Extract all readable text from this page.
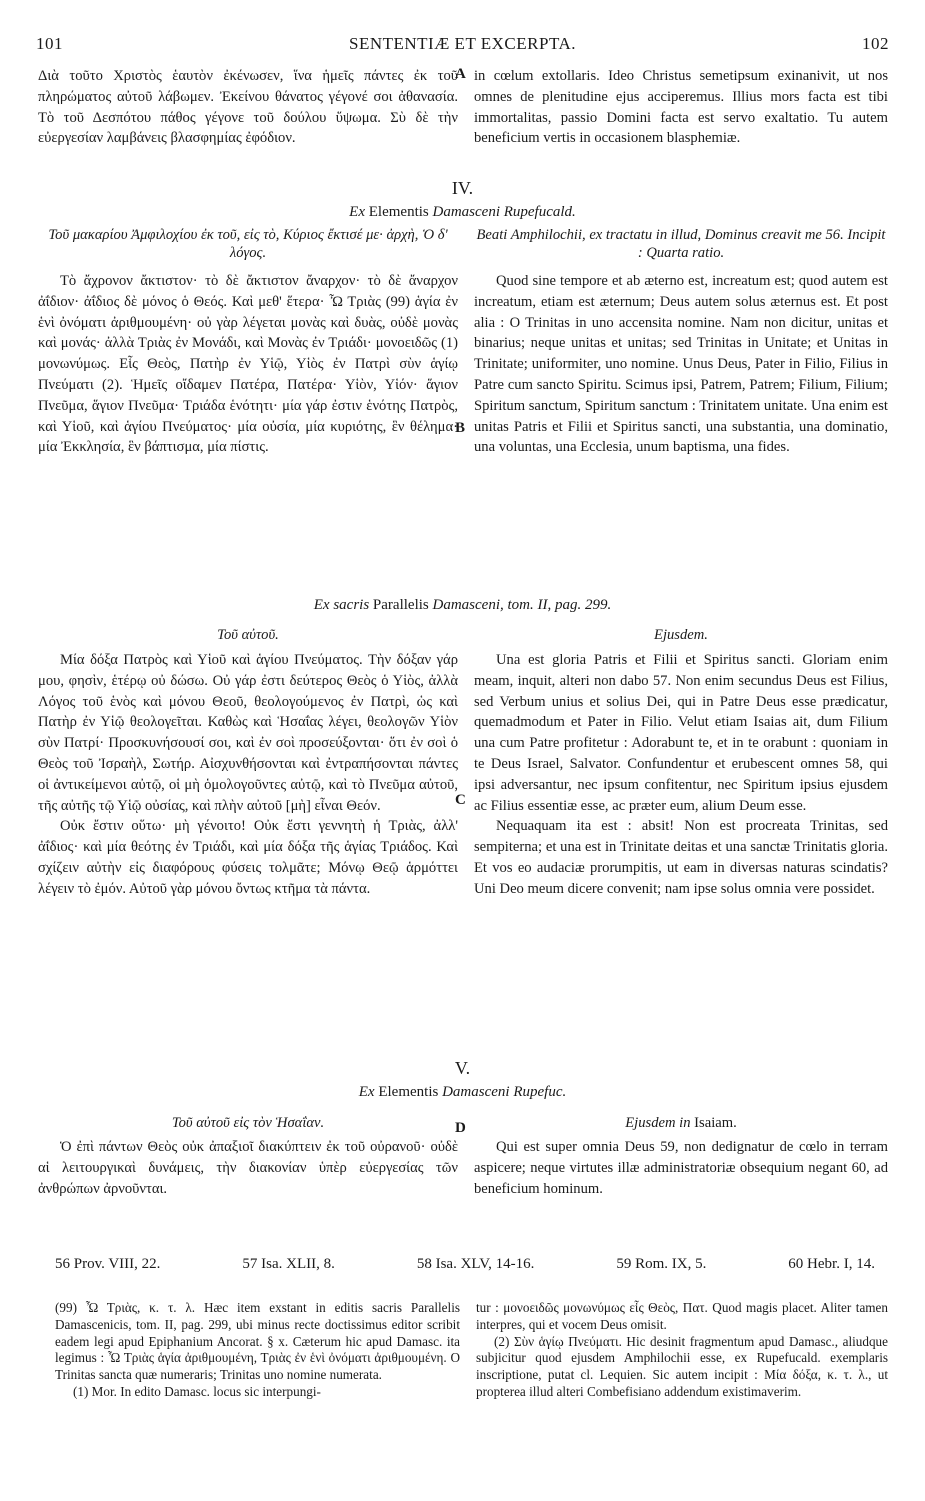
101	SENTENTIÆ ET EXCERPTA.	102

Διὰ τοῦτο Χριστὸς ἑαυτὸν ἐκένωσεν, ἵνα ἡμεῖς πάντες ἐκ τοῦ πληρώματος αὐτοῦ λάβωμεν. Ἐκείνου θάνατος γέγονέ σοι ἀθανασία. Τὸ τοῦ Δεσπότου πάθος γέγονε τοῦ δούλου ὕψωμα. Σὺ δὲ τὴν εὐεργεσίαν λαμβάνεις βλασφημίας ἐφόδιον.

A in cœlum extollaris. Ideo Christus semetipsum exinanivit, ut nos omnes de plenitudine ejus acciperemus. Illius mors facta est tibi immortalitas, passio Domini facta est servo exaltatio. Tu autem beneficium vertis in occasionem blasphemiæ.

IV.
Ex Elementis Damasceni Rupefucald.
Τοῦ μακαρίου Ἀμφιλοχίου ἐκ τοῦ, εἰς τὸ, Κύριος ἔκτισέ με· ἀρχὴ, Ὁ δ' λόγος.
Beati Amphilochii, ex tractatu in illud, Dominus creavit me 56. Incipit : Quarta ratio.

Τὸ ἄχρονον ἄκτιστον· τὸ δὲ ἄκτιστον ἄναρχον· τὸ δὲ ἄναρχον ἀΐδιον· ἀΐδιος δὲ μόνος ὁ Θεός. Καὶ μεθ' ἕτερα· Ὦ Τριὰς (99) ἁγία ἐν ἑνὶ ὀνόματι ἀριθμουμένη· οὐ γὰρ λέγεται μονὰς καὶ δυὰς, οὐδὲ μονὰς καὶ μονάς· ἀλλὰ Τριὰς ἐν Μονάδι, καὶ Μονὰς ἐν Τριάδι· μονοειδῶς (1) μονωνύμως. Εἷς Θεὸς, Πατὴρ ἐν Υἱῷ, Υἱὸς ἐν Πατρὶ σὺν ἁγίῳ Πνεύματι (2). Ἡμεῖς οἴδαμεν Πατέρα, Πατέρα· Υἱὸν, Υἱόν· ἅγιον Πνεῦμα, ἅγιον Πνεῦμα· Τριάδα ἑνότητι· μία γάρ ἐστιν ἑνότης Πατρὸς, καὶ Υἱοῦ, καὶ ἁγίου Πνεύματος· μία οὐσία, μία κυριότης, ἓν θέλημα· μία Ἐκκλησία, ἓν βάπτισμα, μία πίστις.

B

Quod sine tempore et ab æterno est, increatum est; quod autem est increatum, etiam est æternum; Deus autem solus æternus est. Et post alia : O Trinitas in uno accensita nomine. Nam non dicitur, unitas et binarius; neque unitas et unitas; sed Trinitas in Unitate; et Unitas in Trinitate; uniformiter, uno nomine. Unus Deus, Pater in Filio, Filius in Patre cum sancto Spiritu. Scimus ipsi, Patrem, Patrem; Filium, Filium; Spiritum sanctum, Spiritum sanctum : Trinitatem unitate. Una enim est unitas Patris et Filii et Spiritus sancti, una substantia, una dominatio, una voluntas, una Ecclesia, unum baptisma, una fides.

Ex sacris Parallelis Damasceni, tom. II, pag. 299.
Τοῦ αὐτοῦ.	Ejusdem.

Μία δόξα Πατρὸς καὶ Υἱοῦ καὶ ἁγίου Πνεύματος. Τὴν δόξαν γάρ μου, φησὶν, ἑτέρῳ οὐ δώσω. Οὐ γάρ ἐστι δεύτερος Θεὸς ὁ Υἱὸς, ἀλλὰ Λόγος τοῦ ἑνὸς καὶ μόνου Θεοῦ, θεολογούμενος ἐν Πατρὶ, ὡς καὶ Πατὴρ ἐν Υἱῷ θεολογεῖται. Καθὼς καὶ Ἡσαΐας λέγει, θεολογῶν Υἱὸν σὺν Πατρί· Προσκυνήσουσί σοι, καὶ ἐν σοὶ προσεύξονται· ὅτι ἐν σοὶ ὁ Θεὸς τοῦ Ἰσραὴλ, Σωτήρ. Αἰσχυνθήσονται καὶ ἐντραπήσονται πάντες οἱ ἀντικείμενοι αὐτῷ, οἱ μὴ ὁμολογοῦντες αὐτῷ, καὶ τὸ Πνεῦμα αὐτοῦ, τῆς αὐτῆς τῷ Υἱῷ οὐσίας, καὶ πλὴν αὐτοῦ [μὴ] εἶναι Θεόν.

Οὐκ ἔστιν οὕτω· μὴ γένοιτο! Οὐκ ἔστι γεννητὴ ἡ Τριὰς, ἀλλ' ἀΐδιος· καὶ μία θεότης ἐν Τριάδι, καὶ μία δόξα τῆς ἁγίας Τριάδος. Καὶ σχίζειν αὐτὴν εἰς διαφόρους φύσεις τολμᾶτε; Μόνῳ Θεῷ ἁρμόττει λέγειν τὸ ἐμόν. Αὐτοῦ γὰρ μόνου ὄντως κτῆμα τὰ πάντα.

C

Una est gloria Patris et Filii et Spiritus sancti. Gloriam enim meam, inquit, alteri non dabo 57. Non enim secundus Deus est Filius, sed Verbum unius et solius Dei, qui in Patre Deus esse prædicatur, quemadmodum et Pater in Filio. Velut etiam Isaias ait, dum Filium una cum Patre profitetur : Adorabunt te, et in te orabunt : quoniam in te Deus Israel, Salvator. Confundentur et erubescent omnes 58, qui ipsi adversantur, nec ipsum confitentur, nec Spiritum ipsius ejusdem ac Filius essentiæ esse, ac præter eum, alium Deum esse.

Nequaquam ita est : absit! Non est procreata Trinitas, sed sempiterna; et una est in Trinitate deitas et una sanctæ Trinitatis gloria. Et vos eo audaciæ prorumpitis, ut eam in diversas naturas scindatis? Uni Deo meum dicere convenit; nam ipse solus omnia vere possidet.

V.
Ex Elementis Damasceni Rupefuc.
Τοῦ αὐτοῦ εἰς τὸν Ἡσαΐαν.	Ejusdem in Isaiam.

Ὁ ἐπὶ πάντων Θεὸς οὐκ ἀπαξιοῖ διακύπτειν ἐκ τοῦ οὐρανοῦ· οὐδὲ αἱ λειτουργικαὶ δυνάμεις, τὴν διακονίαν ὑπὲρ εὐεργεσίας τῶν ἀνθρώπων ἀρνοῦνται.

D

Qui est super omnia Deus 59, non dedignatur de cœlo in terram aspicere; neque virtutes illæ administratoriæ obsequium negant 60, ad beneficium hominum.

56 Prov. VIII, 22.	57 Isa. XLII, 8.	58 Isa. XLV, 14-16.	59 Rom. IX, 5.	60 Hebr. I, 14.

(99) Ὦ Τριὰς, κ. τ. λ. Hæc item exstant in editis sacris Parallelis Damascenicis, tom. II, pag. 299, ubi minus recte doctissimus editor scribit eadem legi apud Epiphanium Ancorat. § x. Cæterum hic apud Damasc. ita legimus : Ὦ Τριὰς ἁγία ἀριθμουμένη, Τριὰς ἐν ἑνὶ ὀνόματι ἀριθμουμένη. O Trinitas sancta quæ numeraris; Trinitas uno nomine numerata.

(1) Mor. In edito Damasc. locus sic interpungi-

tur : μονοειδῶς μονωνύμως εἷς Θεὸς, Πατ. Quod magis placet. Aliter tamen interpres, qui et vocem Deus omisit.

(2) Σὺν ἁγίῳ Πνεύματι. Hic desinit fragmentum apud Damasc., aliudque subjicitur quod ejusdem Amphilochii esse, ex Rupefucald. exemplaris inscriptione, putat cl. Lequien. Sic autem incipit : Μία δόξα, κ. τ. λ., ut propterea illud alteri Combefisiano addendum existimaverim.
